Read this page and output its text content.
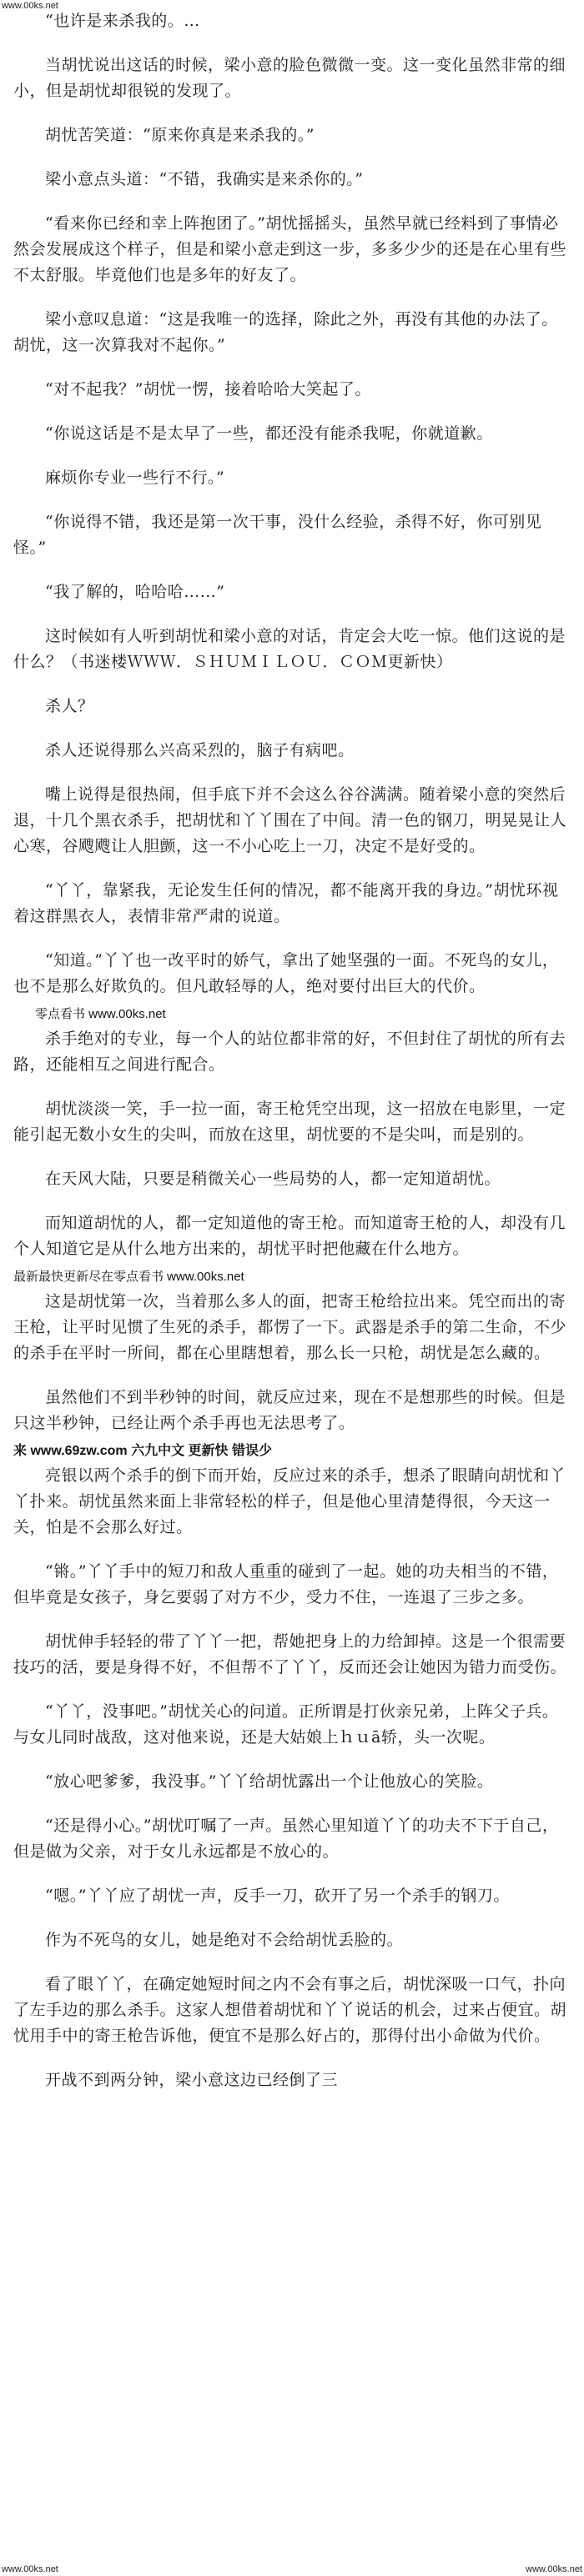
www.00ks.net

“也许是来杀我的。…

当胡忧说出这话的时候，梁小意的脸色微微一变。这一变化虽然非常的细小，但是胡忧却很锐的发现了。

胡忧苦笑道：“原来你真是来杀我的。”

梁小意点头道：“不错，我确实是来杀你的。”

“看来你已经和幸上阵抱团了。”胡忧摇摇头，虽然早就已经料到了事情必然会发展成这个样子，但是和梁小意走到这一步，多多少少的还是在心里有些不太舒服。毕竟他们也是多年的好友了。

梁小意叹息道：“这是我唯一的选择，除此之外，再没有其他的办法了。胡忧，这一次算我对不起你。”

“对不起我？”胡忧一愣，接着哈哈大笑起了。

“你说这话是不是太早了一些，都还没有能杀我呢，你就道歉。

麻烦你专业一些行不行。”

“你说得不错，我还是第一次干事，没什么经验，杀得不好，你可别见怪。”

“我了解的，哈哈哈……”

这时候如有人听到胡忧和梁小意的对话，肯定会大吃一惊。他们这说的是什么？（书迷楼ＷＷＷ．ＳＨＵＭＩＬＯＵ．ＣＯＭ更新快）

杀人？

杀人还说得那么兴高采烈的，脑子有病吧。

嘴上说得是很热闹，但手底下并不会这么谷谷满满。随着梁小意的突然后退，十几个黑衣杀手，把胡忧和丫丫围在了中间。清一色的钢刀，明晃晃让人心寒，谷飕飕让人胆颤，这一不小心吃上一刀，决定不是好受的。

“丫丫，靠紧我，无论发生任何的情况，都不能离开我的身边。”胡忧环视着这群黑衣人，表情非常严肃的说道。

“知道。”丫丫也一改平时的娇气，拿出了她坚强的一面。不死鸟的女儿，也不是那么好欺负的。但凡敢轻辱的人，绝对要付出巨大的代价。

零点看书 www.00ks.net

杀手绝对的专业，每一个人的站位都非常的好，不但封住了胡忧的所有去路，还能相互之间进行配合。

胡忧淡淡一笑，手一拉一面，寄王枪凭空出现，这一招放在电影里，一定能引起无数小女生的尖叫，而放在这里，胡忧要的不是尖叫，而是别的。

在天风大陆，只要是稍微关心一些局势的人，都一定知道胡忧。

而知道胡忧的人，都一定知道他的寄王枪。而知道寄王枪的人，却没有几个人知道它是从什么地方出来的，胡忧平时把他藏在什么地方。

最新最快更新尽在零点看书 www.00ks.net

这是胡忧第一次，当着那么多人的面，把寄王枪给拉出来。凭空而出的寄王枪，让平时见惯了生死的杀手，都愣了一下。武器是杀手的第二生命，不少的杀手在平时一所间，都在心里瞎想着，那么长一只枪，胡忧是怎么藏的。

虽然他们不到半秒钟的时间，就反应过来，现在不是想那些的时候。但是只这半秒钟，已经让两个杀手再也无法思考了。

来 www.69zw.com 六九中文 更新快 错误少

亮银以两个杀手的倒下而开始，反应过来的杀手，想杀了眼睛向胡忧和丫丫扑来。胡忧虽然来面上非常轻松的样子，但是他心里清楚得很，今天这一关，怕是不会那么好过。

“锵。”丫丫手中的短刀和敌人重重的碰到了一起。她的功夫相当的不错，但毕竟是女孩子，身乞要弱了对方不少，受力不住，一连退了三步之多。

胡忧伸手轻轻的带了丫丫一把，帮她把身上的力给卸掉。这是一个很需要技巧的活，要是身得不好，不但帮不了丫丫，反而还会让她因为错力而受伤。

“丫丫，没事吧。”胡忧关心的问道。正所谓是打伙亲兄弟，上阵父子兵。与女儿同时战敌，这对他来说，还是大姑娘上ｈｕā轿，头一次呢。

“放心吧爹爹，我没事。”丫丫给胡忧露出一个让他放心的笑脸。

“还是得小心。”胡忧叮嘱了一声。虽然心里知道丫丫的功夫不下于自己，但是做为父亲，对于女儿永远都是不放心的。

“嗯。”丫丫应了胡忧一声，反手一刀，砍开了另一个杀手的钢刀。

作为不死鸟的女儿，她是绝对不会给胡忧丢脸的。

看了眼丫丫，在确定她短时间之内不会有事之后，胡忧深吸一口气，扑向了左手边的那么杀手。这家人想借着胡忧和丫丫说话的机会，过来占便宜。胡忧用手中的寄王枪告诉他，便宜不是那么好占的，那得付出小命做为代价。

开战不到两分钟，梁小意这边已经倒了三

www.00ks.net	www.00ks.net
